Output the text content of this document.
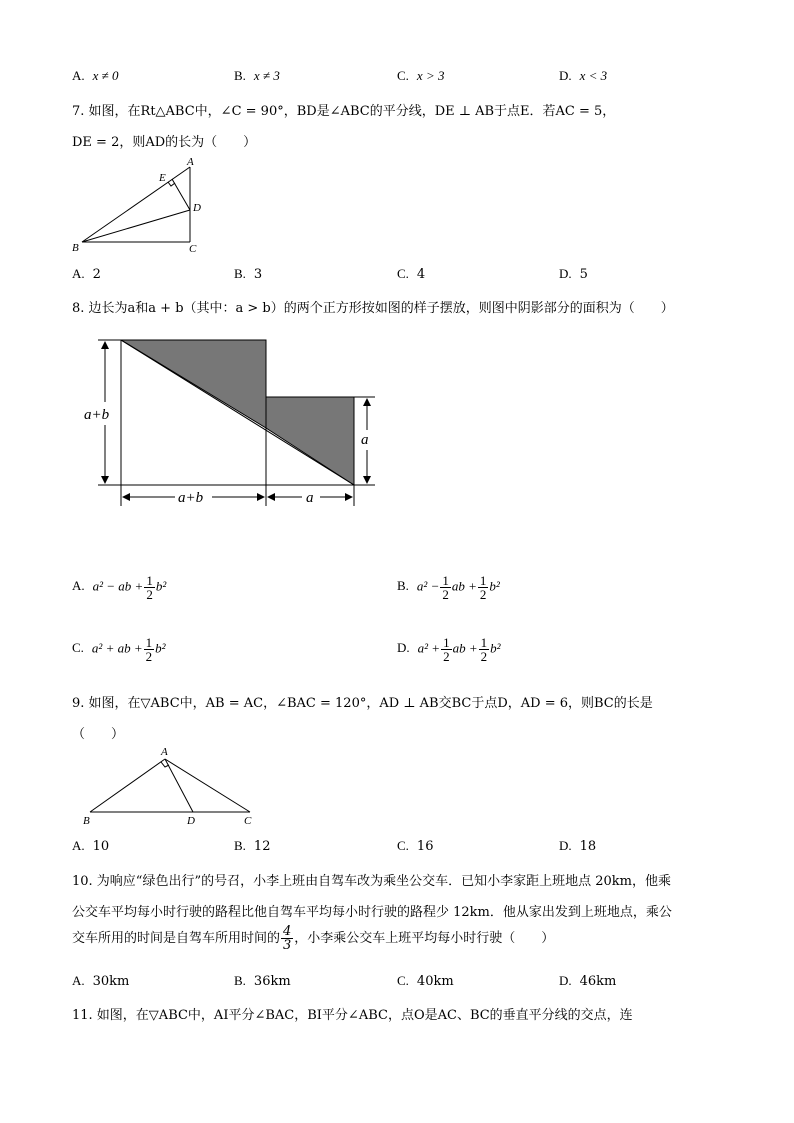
A. x ≠ 0	B. x ≠ 3	C. x > 3	D. x < 3
7. 如图，在Rt△ABC中，∠C = 90°，BD是∠ABC的平分线，DE ⊥ AB于点E．若AC = 5，
DE = 2，则AD的长为（　　）
A
B	C
D
E
A. 2	B. 3	C. 4	D. 5
8. 边长为a和a + b（其中：a > b）的两个正方形按如图的样子摆放，则图中阴影部分的面积为（　　）
a+b
a
a+b	a
A. a² − ab + $\frac{1}{2} b^2$	B. $a^2 - \frac{1}{2}$ ab + $\frac{1}{2} b^2$
C. a² + ab + $\frac{1}{2} b^2$	D. $a^2 + \frac{1}{2}$ ab + $\frac{1}{2} b^2$
9. 如图，在▽ABC中，AB = AC，∠BAC = 120°，AD ⊥ AB交BC于点D，AD = 6，则BC的长是
（　　）
A
B	C
D
A. 10	B. 12	C. 16	D. 18
10. 为响应“绿色出行”的号召，小李上班由自驾车改为乘坐公交车．已知小李家距上班地点 20km，他乘
公交车平均每小时行驶的路程比他自驾车平均每小时行驶的路程少 12km．他从家出发到上班地点，乘公
交车所用的时间是自驾车所用时间的 $\frac{4}{3}$ ，小李乘公交车上班平均每小时行驶（　　）
A. 30km	B. 36km	C. 40km	D. 46km
11. 如图，在▽ABC中，AI平分∠BAC，BI平分∠ABC，点O是AC、BC的垂直平分线的交点，连
